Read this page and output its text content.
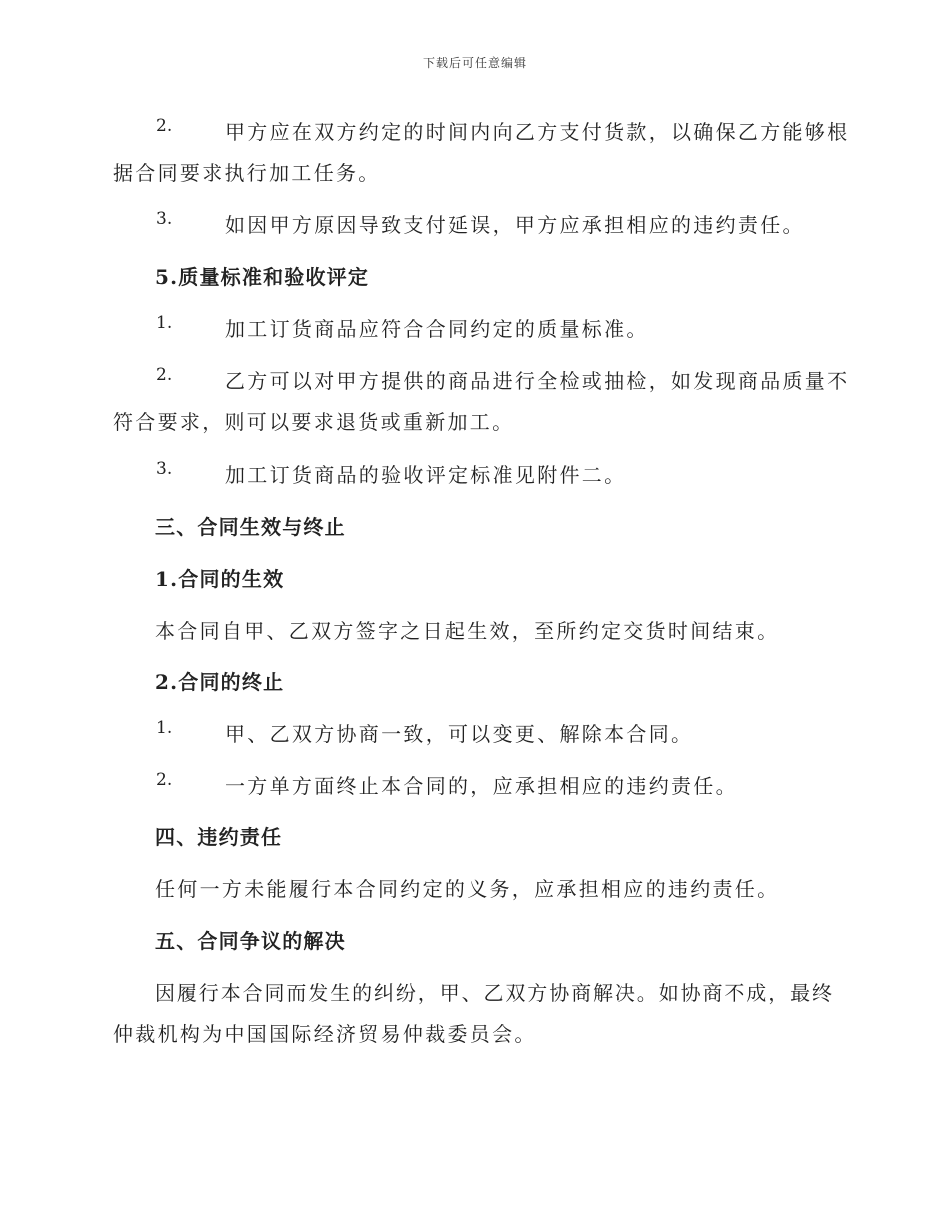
下载后可任意编辑
2.	甲方应在双方约定的时间内向乙方支付货款，以确保乙方能够根
据合同要求执行加工任务。
3.	如因甲方原因导致支付延误，甲方应承担相应的违约责任。
5.质量标准和验收评定
1.	加工订货商品应符合合同约定的质量标准。
2.	乙方可以对甲方提供的商品进行全检或抽检，如发现商品质量不
符合要求，则可以要求退货或重新加工。
3.	加工订货商品的验收评定标准见附件二。
三、合同生效与终止
1.合同的生效
本合同自甲、乙双方签字之日起生效，至所约定交货时间结束。
2.合同的终止
1.	甲、乙双方协商一致，可以变更、解除本合同。
2.	一方单方面终止本合同的，应承担相应的违约责任。
四、违约责任
任何一方未能履行本合同约定的义务，应承担相应的违约责任。
五、合同争议的解决
因履行本合同而发生的纠纷，甲、乙双方协商解决。如协商不成，最终
仲裁机构为中国国际经济贸易仲裁委员会。
